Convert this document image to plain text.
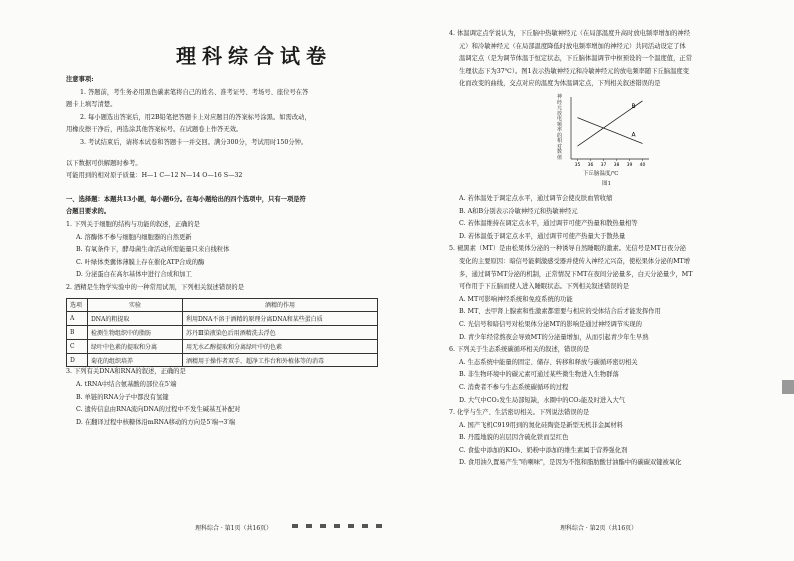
理科综合试卷
注意事项:
1. 答题前，考生务必用黑色碳素笔将自己的姓名、准考证号、考场号、座位号在答
题卡上填写清楚。
2. 每小题选出答案后，用2B铅笔把答题卡上对应题目的答案标号涂黑。如需改动，
用橡皮擦干净后，再选涂其他答案标号。在试题卷上作答无效。
3. 考试结束后，请将本试卷和答题卡一并交回。满分300分，考试用时150分钟。
以下数据可供解题时参考。
可能用到的相对原子质量：H—1 C—12 N—14 O—16 S—32
一、选择题：本题共13小题，每小题6分。在每小题给出的四个选项中，只有一项是符
合题目要求的。
1. 下列关于细胞的结构与功能的叙述，正确的是
A. 溶酶体不参与细胞内细胞器的自然更新
B. 有氧条件下，酵母菌生命活动所需能量只来自线粒体
C. 叶绿体类囊体薄膜上存在催化ATP合成的酶
D. 分泌蛋白在高尔基体中进行合成和加工
2. 酒精是生物学实验中的一种常用试剂，下列相关叙述错误的是
选项	实验	酒精的作用
A	DNA的粗提取	利用DNA不溶于酒精的原理分离DNA和某些蛋白质
B	检测生物组织中的脂肪	苏丹Ⅲ染液染色后用酒精洗去浮色
C	绿叶中色素的提取和分离	用无水乙醇提取和分离绿叶中的色素
D	菊花的组织培养	酒精用于操作者双手、超净工作台和外植体等的消毒
3. 下列有关DNA和RNA的叙述，正确的是
A. tRNA中结合氨基酸的部位在5′端
B. 单链的RNA分子中都没有氢键
C. 遗传信息由RNA流向DNA的过程中不发生碱基互补配对
D. 在翻译过程中核糖体沿mRNA移动的方向是5′端→3′端
理科综合 · 第1页（共16页）
4. 体温调定点学说认为，下丘脑中热敏神经元（在局部温度升高时放电频率增加的神经
元）和冷敏神经元（在局部温度降低时放电频率增加的神经元）共同活动设定了体
温调定点（是为调节体温于恒定状态，下丘脑体温调节中枢预设的一个温度值，正常
生理状态下为37℃）。图1表示热敏神经元和冷敏神经元的放电频率随下丘脑温度变
化而改变的曲线，交点对应的温度为体温调定点，下列相关叙述错误的是
神经元放电频率的相对数值
35 36 37 38 39 40
A
B
下丘脑温度/℃
图1
A. 若体温处于调定点水平，通过调节会使皮肤血管收缩
B. A和B分别表示冷敏神经元和热敏神经元
C. 若体温维持在调定点水平，通过调节可使产热量和散热量相等
D. 若体温低于调定点水平，通过调节可使产热量大于散热量
5. 褪黑素（MT）是由松果体分泌的一种诱导自然睡眠的激素。光信号是MT日夜分泌
变化的主要原因：暗信号能刺激感受器并使传入神经元兴奋，使松果体分泌的MT增
多，通过调节MT分泌的机制，正常情况下MT在夜间分泌量多，白天分泌量少，MT
可作用于下丘脑而使人进入睡眠状态。下列相关叙述错误的是
A. MT可影响神经系统和免疫系统的功能
B. MT、去甲肾上腺素和性激素都需要与相应的受体结合后才能发挥作用
C. 光信号和暗信号对松果体分泌MT的影响是通过神经调节实现的
D. 青少年经常熬夜会导致MT的分泌量增加，从而引起青少年生早熟
6. 下列关于生态系统碳循环相关的叙述，错误的是
A. 生态系统中能量的固定、储存、转移和释放与碳循环密切相关
B. 非生物环境中的碳元素可通过某些微生物进入生物群落
C. 消费者不参与生态系统碳循环的过程
D. 大气中CO₂发生局部短缺，水圈中的CO₂能及时进入大气
7. 化学与生产、生活密切相关。下列说法错误的是
A. 国产飞机C919用到的氮化硅陶瓷是新型无机非金属材料
B. 丹霞地貌的岩层因含硫化铁而呈红色
C. 食盐中添加的KIO₃、奶粉中添加的维生素属于营养强化剂
D. 食用油久置易产生"哈喇味"，是因为不饱和脂肪酸甘油酯中的碳碳双键被氧化
理科综合 · 第2页（共16页）
